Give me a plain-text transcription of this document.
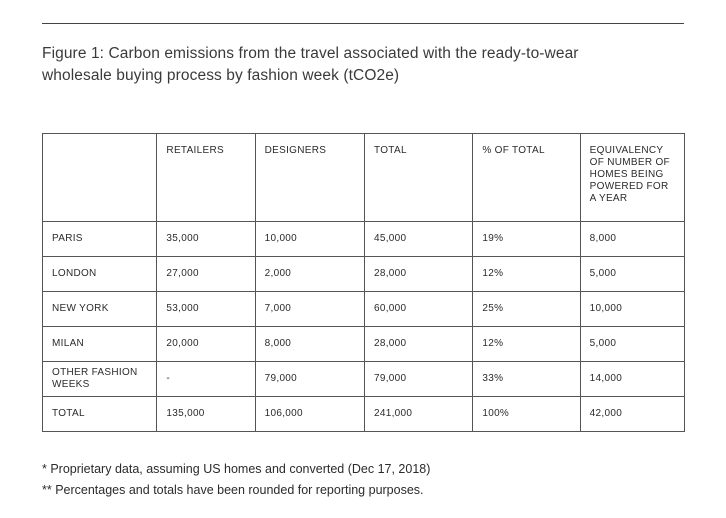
Figure 1: Carbon emissions from the travel associated with the ready-to-wear
wholesale buying process by fashion week (tCO2e)
	RETAILERS	DESIGNERS	TOTAL	% OF TOTAL	EQUIVALENCY
OF NUMBER OF
HOMES BEING
POWERED FOR
A YEAR

PARIS	35,000	10,000	45,000	19%	8,000
LONDON	27,000	2,000	28,000	12%	5,000
NEW YORK	53,000	7,000	60,000	25%	10,000
MILAN	20,000	8,000	28,000	12%	5,000

OTHER FASHION
WEEKS	-	79,000	79,000	33%	14,000
TOTAL	135,000	106,000	241,000	100%	42,000
* Proprietary data, assuming US homes and converted (Dec 17, 2018)
** Percentages and totals have been rounded for reporting purposes.
